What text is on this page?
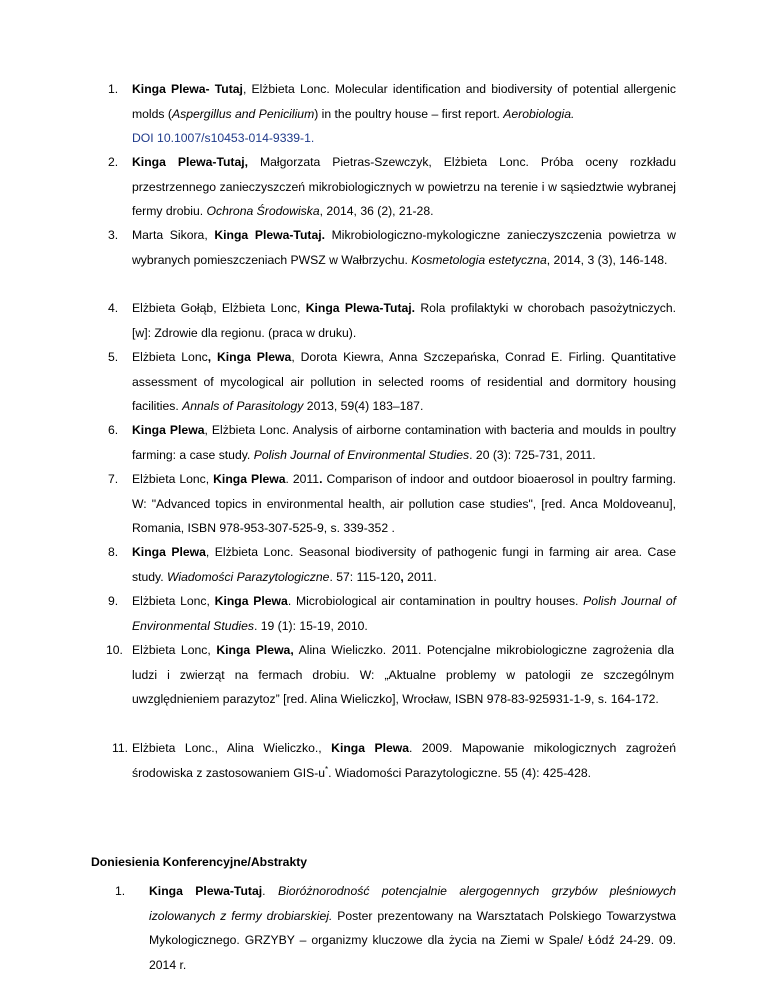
1.	Kinga Plewa- Tutaj, Elżbieta Lonc. Molecular identification and biodiversity of potential allergenic molds (Aspergillus and Penicilium) in the poultry house – first report. Aerobiologia.
DOI 10.1007/s10453-014-9339-1.
2.	Kinga Plewa-Tutaj, Małgorzata Pietras-Szewczyk, Elżbieta Lonc. Próba oceny rozkładu przestrzennego zanieczyszczeń mikrobiologicznych w powietrzu na terenie i w sąsiedztwie wybranej fermy drobiu. Ochrona Środowiska, 2014, 36 (2), 21-28.
3.	Marta Sikora, Kinga Plewa-Tutaj. Mikrobiologiczno-mykologiczne zanieczyszczenia powietrza w wybranych pomieszczeniach PWSZ w Wałbrzychu. Kosmetologia estetyczna, 2014, 3 (3), 146-148.
4.	Elżbieta Gołąb, Elżbieta Lonc, Kinga Plewa-Tutaj. Rola profilaktyki w chorobach pasożytniczych. [w]: Zdrowie dla regionu. (praca w druku).
5.	Elżbieta Lonc, Kinga Plewa, Dorota Kiewra, Anna Szczepańska, Conrad E. Firling. Quantitative assessment of mycological air pollution in selected rooms of residential and dormitory housing facilities. Annals of Parasitology 2013, 59(4) 183–187.
6.	Kinga Plewa, Elżbieta Lonc. Analysis of airborne contamination with bacteria and moulds in poultry farming: a case study. Polish Journal of Environmental Studies. 20 (3): 725-731, 2011.
7.	Elżbieta Lonc, Kinga Plewa. 2011. Comparison of indoor and outdoor bioaerosol in poultry farming. W: "Advanced topics in environmental health, air pollution case studies", [red. Anca Moldoveanu], Romania, ISBN 978-953-307-525-9, s. 339-352 .
8.	Kinga Plewa, Elżbieta Lonc. Seasonal biodiversity of pathogenic fungi in farming air area. Case study. Wiadomości Parazytologiczne. 57: 115-120, 2011.
9.	Elżbieta Lonc, Kinga Plewa. Microbiological air contamination in poultry houses. Polish Journal of Environmental Studies. 19 (1): 15-19, 2010.
10. Elżbieta Lonc, Kinga Plewa, Alina Wieliczko. 2011. Potencjalne mikrobiologiczne zagrożenia dla ludzi i zwierząt na fermach drobiu. W: „Aktualne problemy w patologii ze szczególnym uwzględnieniem parazytoz” [red. Alina Wieliczko], Wrocław, ISBN 978-83-925931-1-9, s. 164-172.
11. Elżbieta Lonc., Alina Wieliczko., Kinga Plewa. 2009. Mapowanie mikologicznych zagrożeń środowiska z zastosowaniem GIS-u*. Wiadomości Parazytologiczne. 55 (4): 425-428.
Doniesienia Konferencyjne/Abstrakty
1.	Kinga Plewa-Tutaj. Bioróżnorodność potencjalnie alergogennych grzybów pleśniowych izolowanych z fermy drobiarskiej. Poster prezentowany na Warsztatach Polskiego Towarzystwa Mykologicznego. GRZYBY – organizmy kluczowe dla życia na Ziemi w Spale/ Łódź 24-29. 09. 2014 r.
